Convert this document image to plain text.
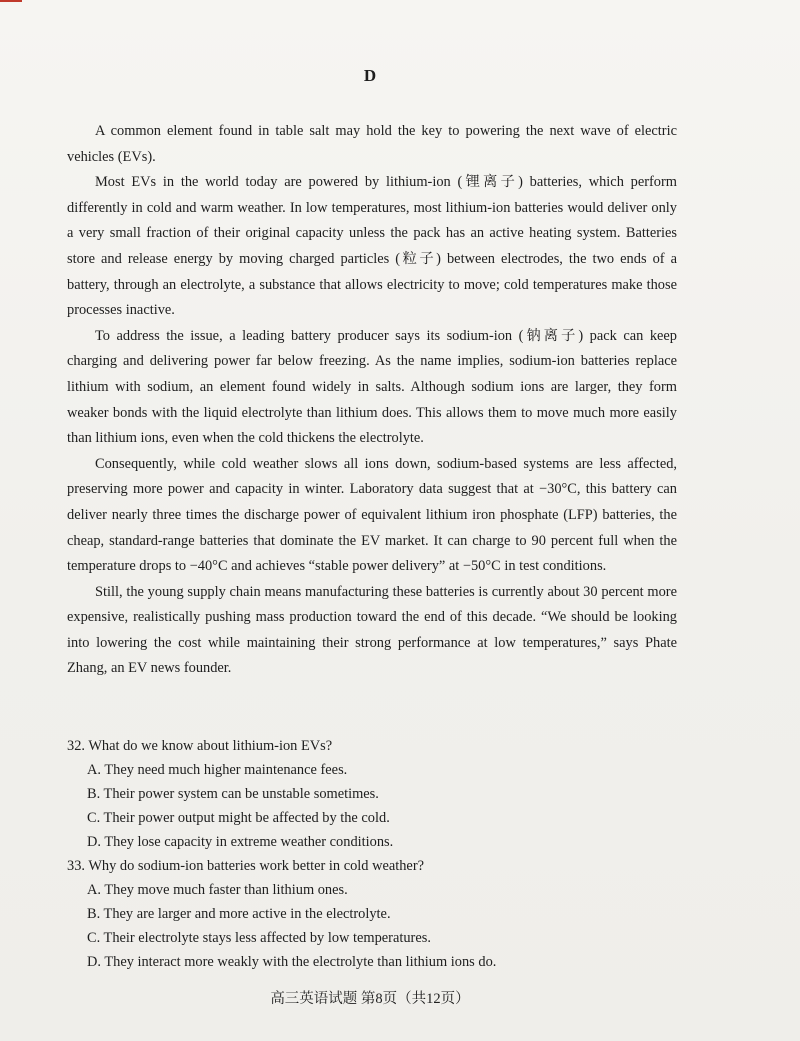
D

A common element found in table salt may hold the key to powering the next wave of electric vehicles (EVs).

Most EVs in the world today are powered by lithium-ion (锂离子) batteries, which perform differently in cold and warm weather. In low temperatures, most lithium-ion batteries would deliver only a very small fraction of their original capacity unless the pack has an active heating system. Batteries store and release energy by moving charged particles (粒子) between electrodes, the two ends of a battery, through an electrolyte, a substance that allows electricity to move; cold temperatures make those processes inactive.

To address the issue, a leading battery producer says its sodium-ion (钠离子) pack can keep charging and delivering power far below freezing. As the name implies, sodium-ion batteries replace lithium with sodium, an element found widely in salts. Although sodium ions are larger, they form weaker bonds with the liquid electrolyte than lithium does. This allows them to move much more easily than lithium ions, even when the cold thickens the electrolyte.

Consequently, while cold weather slows all ions down, sodium-based systems are less affected, preserving more power and capacity in winter. Laboratory data suggest that at −30°C, this battery can deliver nearly three times the discharge power of equivalent lithium iron phosphate (LFP) batteries, the cheap, standard-range batteries that dominate the EV market. It can charge to 90 percent full when the temperature drops to −40°C and achieves “stable power delivery” at −50°C in test conditions.

Still, the young supply chain means manufacturing these batteries is currently about 30 percent more expensive, realistically pushing mass production toward the end of this decade. “We should be looking into lowering the cost while maintaining their strong performance at low temperatures,” says Phate Zhang, an EV news founder.

32. What do we know about lithium-ion EVs?

A. They need much higher maintenance fees.

B. Their power system can be unstable sometimes.

C. Their power output might be affected by the cold.

D. They lose capacity in extreme weather conditions.

33. Why do sodium-ion batteries work better in cold weather?

A. They move much faster than lithium ones.

B. They are larger and more active in the electrolyte.

C. Their electrolyte stays less affected by low temperatures.

D. They interact more weakly with the electrolyte than lithium ions do.

高三英语试题 第8页（共12页）
